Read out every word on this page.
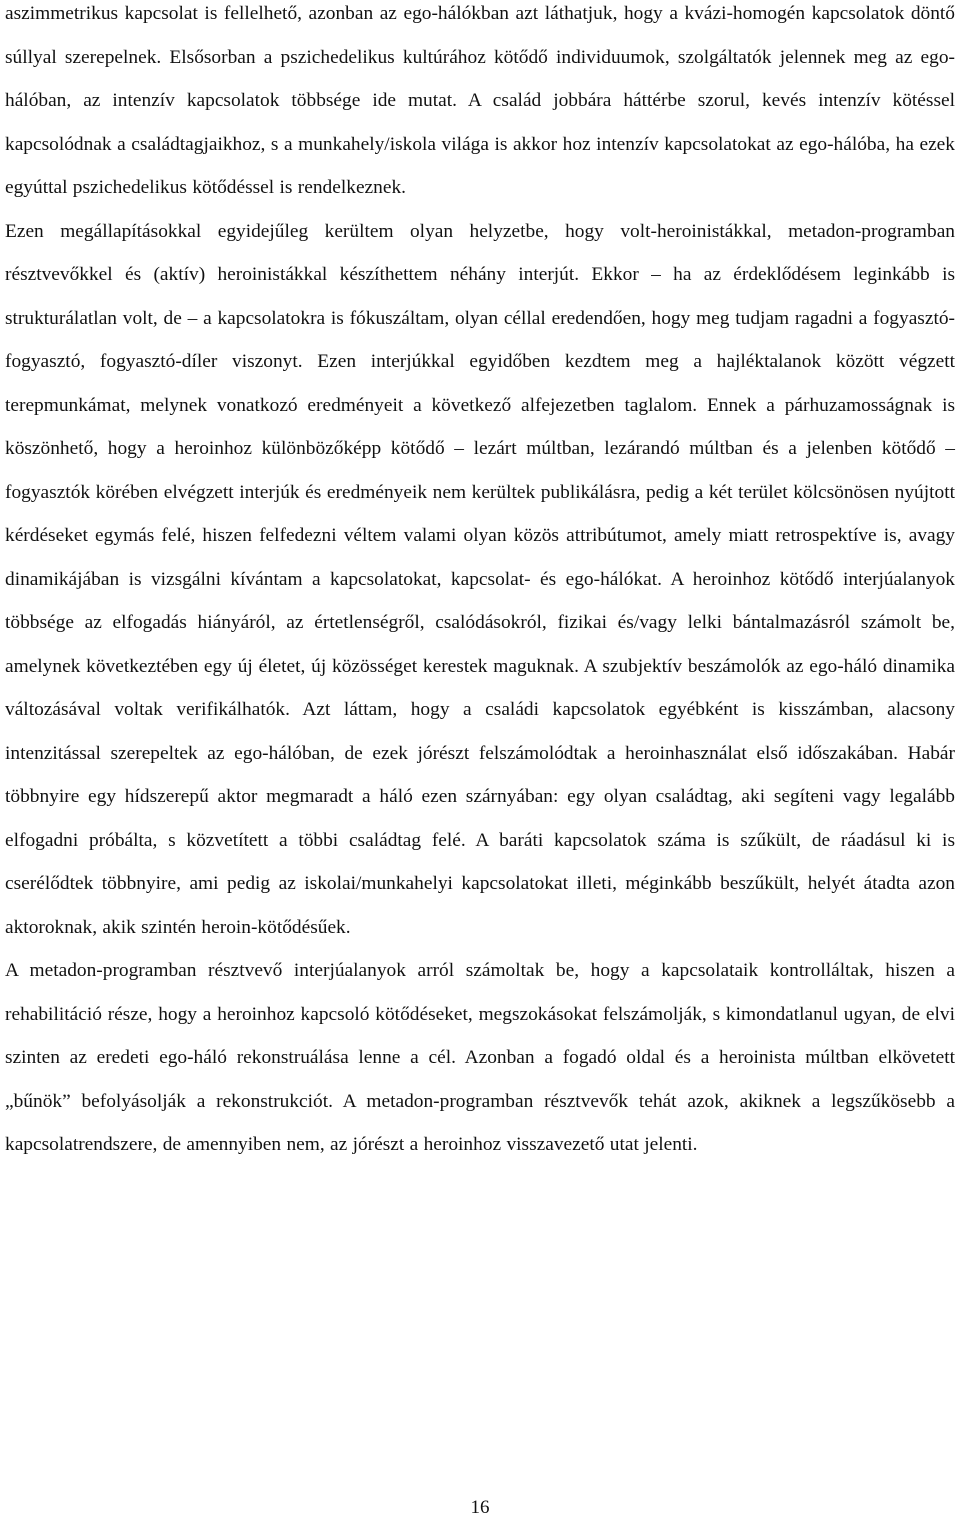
aszimmetrikus kapcsolat is fellelhető, azonban az ego-hálókban azt láthatjuk, hogy a kvázi-homogén kapcsolatok döntő súllyal szerepelnek. Elsősorban a pszichedelikus kultúrához kötődő individuumok, szolgáltatók jelennek meg az ego-hálóban, az intenzív kapcsolatok többsége ide mutat. A család jobbára háttérbe szorul, kevés intenzív kötéssel kapcsolódnak a családtagjaikhoz, s a munkahely/iskola világa is akkor hoz intenzív kapcsolatokat az ego-hálóba, ha ezek egyúttal pszichedelikus kötődéssel is rendelkeznek.

Ezen megállapításokkal egyidejűleg kerültem olyan helyzetbe, hogy volt-heroinistákkal, metadon-programban résztvevőkkel és (aktív) heroinistákkal készíthettem néhány interjút. Ekkor – ha az érdeklődésem leginkább is strukturálatlan volt, de – a kapcsolatokra is fókuszáltam, olyan céllal eredendően, hogy meg tudjam ragadni a fogyasztó-fogyasztó, fogyasztó-díler viszonyt. Ezen interjúkkal egyidőben kezdtem meg a hajléktalanok között végzett terepmunkámat, melynek vonatkozó eredményeit a következő alfejezetben taglalom. Ennek a párhuzamosságnak is köszönhető, hogy a heroinhoz különbözőképp kötődő – lezárt múltban, lezárandó múltban és a jelenben kötődő – fogyasztók körében elvégzett interjúk és eredményeik nem kerültek publikálásra, pedig a két terület kölcsönösen nyújtott kérdéseket egymás felé, hiszen felfedezni véltem valami olyan közös attribútumot, amely miatt retrospektíve is, avagy dinamikájában is vizsgálni kívántam a kapcsolatokat, kapcsolat- és ego-hálókat. A heroinhoz kötődő interjúalanyok többsége az elfogadás hiányáról, az értetlenségről, csalódásokról, fizikai és/vagy lelki bántalmazásról számolt be, amelynek következtében egy új életet, új közösséget kerestek maguknak. A szubjektív beszámolók az ego-háló dinamika változásával voltak verifikálhatók. Azt láttam, hogy a családi kapcsolatok egyébként is kisszámban, alacsony intenzitással szerepeltek az ego-hálóban, de ezek jórészt felszámolódtak a heroinhasználat első időszakában. Habár többnyire egy hídszerepű aktor megmaradt a háló ezen szárnyában: egy olyan családtag, aki segíteni vagy legalább elfogadni próbálta, s közvetített a többi családtag felé. A baráti kapcsolatok száma is szűkült, de ráadásul ki is cserélődtek többnyire, ami pedig az iskolai/munkahelyi kapcsolatokat illeti, méginkább beszűkült, helyét átadta azon aktoroknak, akik szintén heroin-kötődésűek.

A metadon-programban résztvevő interjúalanyok arról számoltak be, hogy a kapcsolataik kontrolláltak, hiszen a rehabilitáció része, hogy a heroinhoz kapcsoló kötődéseket, megszokásokat felszámolják, s kimondatlanul ugyan, de elvi szinten az eredeti ego-háló rekonstruálása lenne a cél. Azonban a fogadó oldal és a heroinista múltban elkövetett „bűnök” befolyásolják a rekonstrukciót. A metadon-programban résztvevők tehát azok, akiknek a legszűkösebb a kapcsolatrendszere, de amennyiben nem, az jórészt a heroinhoz visszavezető utat jelenti.

16
